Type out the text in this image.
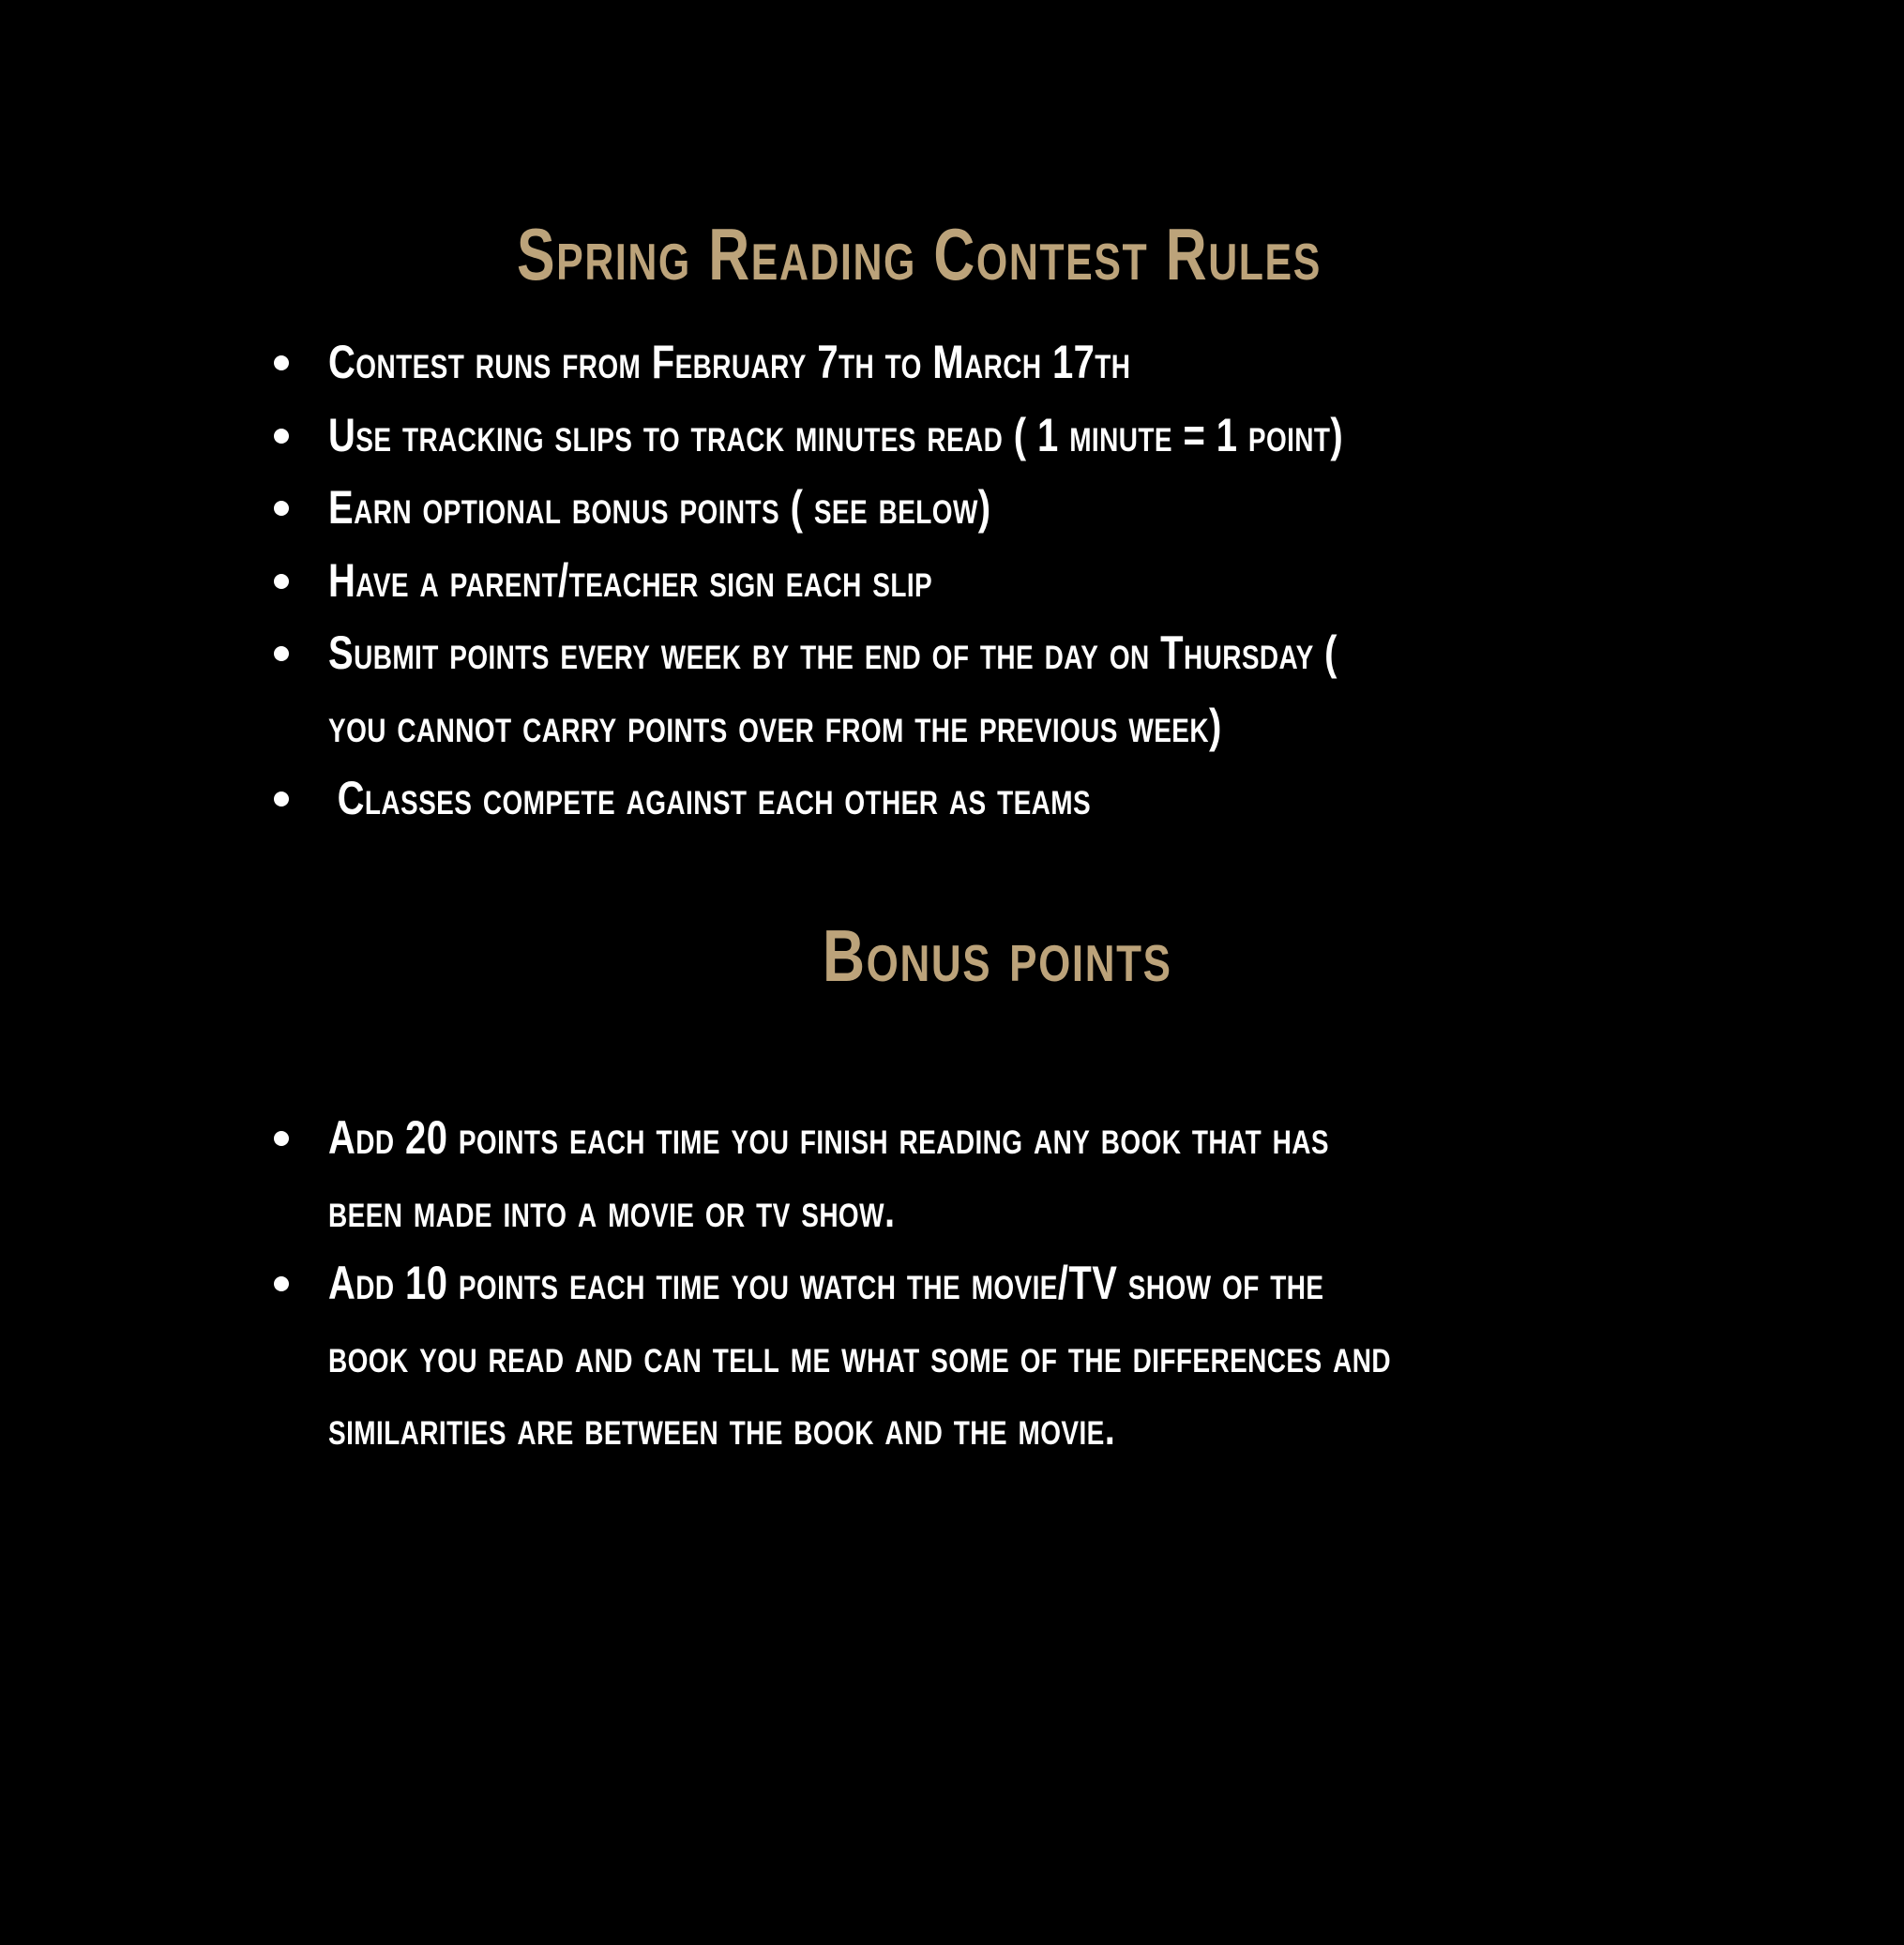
Spring Reading Contest Rules
Contest runs from February 7th to March 17th
Use tracking slips to track minutes read ( 1 minute = 1 point)
Earn optional bonus points ( see below)
Have a parent/teacher sign each slip
Submit points every week by the end of the day on Thursday ( you cannot carry points over from the previous week)
Classes compete against each other as teams
Bonus points
Add 20 points each time you finish reading any book that has been made into a movie or tv show.
Add 10 points each time you watch the movie/TV show of the book you read and can tell me what some of the differences and similarities are between the book and the movie.
